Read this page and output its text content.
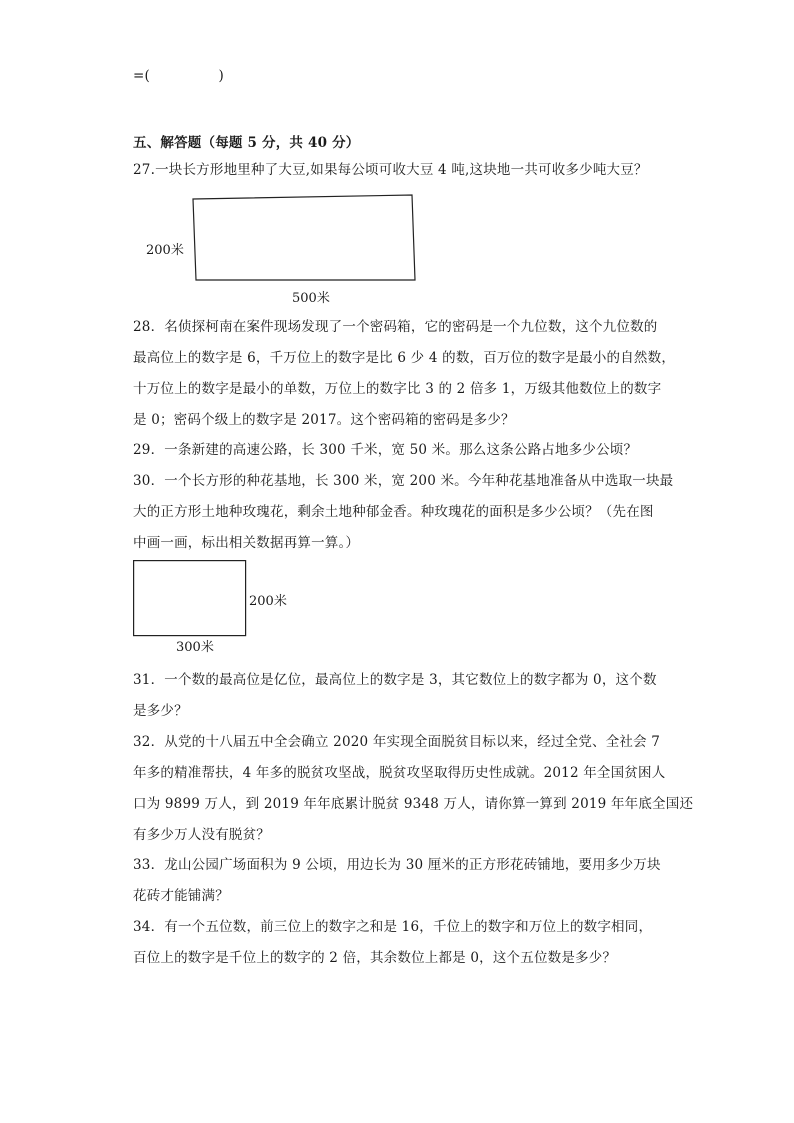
=(　　　　　)
五、解答题（每题 5 分，共 40 分）
27.一块长方形地里种了大豆,如果每公顷可收大豆 4 吨,这块地一共可收多少吨大豆？
200米
500米
28．名侦探柯南在案件现场发现了一个密码箱，它的密码是一个九位数，这个九位数的
最高位上的数字是 6，千万位上的数字是比 6 少 4 的数，百万位的数字是最小的自然数，
十万位上的数字是最小的单数，万位上的数字比 3 的 2 倍多 1，万级其他数位上的数字
是 0；密码个级上的数字是 2017。这个密码箱的密码是多少？
29．一条新建的高速公路，长 300 千米，宽 50 米。那么这条公路占地多少公顷？
30．一个长方形的种花基地，长 300 米，宽 200 米。今年种花基地准备从中选取一块最
大的正方形土地种玫瑰花，剩余土地种郁金香。种玫瑰花的面积是多少公顷？（先在图
中画一画，标出相关数据再算一算。）
200米
300米
31．一个数的最高位是亿位，最高位上的数字是 3，其它数位上的数字都为 0，这个数
是多少？
32．从党的十八届五中全会确立 2020 年实现全面脱贫目标以来，经过全党、全社会 7
年多的精准帮扶，4 年多的脱贫攻坚战，脱贫攻坚取得历史性成就。2012 年全国贫困人
口为 9899 万人，到 2019 年年底累计脱贫 9348 万人，请你算一算到 2019 年年底全国还
有多少万人没有脱贫？
33．龙山公园广场面积为 9 公顷，用边长为 30 厘米的正方形花砖铺地，要用多少万块
花砖才能铺满？
34．有一个五位数，前三位上的数字之和是 16，千位上的数字和万位上的数字相同，
百位上的数字是千位上的数字的 2 倍，其余数位上都是 0，这个五位数是多少？
